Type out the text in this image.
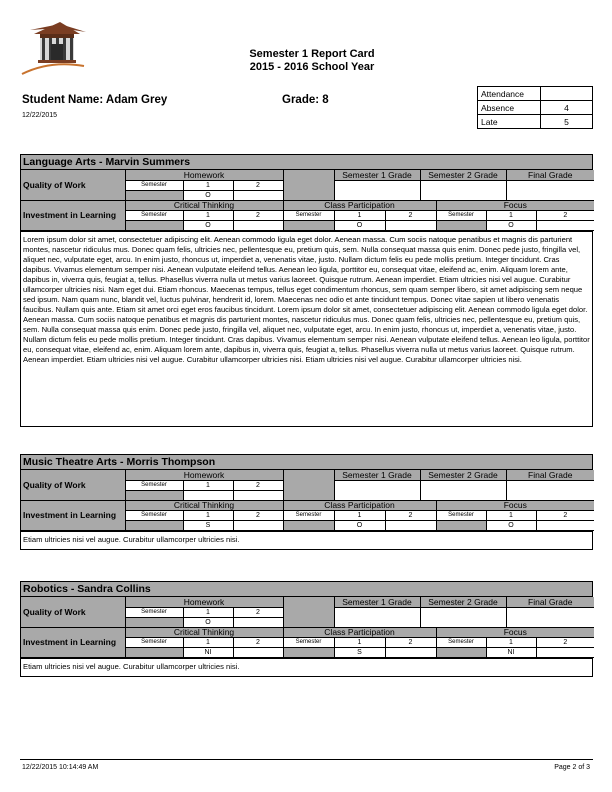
Semester 1 Report Card
2015 - 2016 School Year
Student Name: Adam Grey	Grade: 8
12/22/2015
Attendance	
Absence	4
Late	5
Language Arts - Marvin Summers
Quality of Work	Homework				Semester 1 Grade	Semester 2 Grade	Final Grade
	Semester	1	2				
		O					
Investment in Learning	Critical Thinking			Class Participation			Focus		
	Semester	1	2	Semester	1	2	Semester	1	2
		O			O			O	
Lorem ipsum dolor sit amet, consectetuer adipiscing elit. Aenean commodo ligula eget dolor. Aenean massa. Cum sociis natoque penatibus et magnis dis parturient montes, nascetur ridiculus mus. Donec quam felis, ultricies nec, pellentesque eu, pretium quis, sem. Nulla consequat massa quis enim. Donec pede justo, fringilla vel, aliquet nec, vulputate eget, arcu. In enim justo, rhoncus ut, imperdiet a, venenatis vitae, justo. Nullam dictum felis eu pede mollis pretium. Integer tincidunt. Cras dapibus. Vivamus elementum semper nisi. Aenean vulputate eleifend tellus. Aenean leo ligula, porttitor eu, consequat vitae, eleifend ac, enim. Aliquam lorem ante, dapibus in, viverra quis, feugiat a, tellus. Phasellus viverra nulla ut metus varius laoreet. Quisque rutrum. Aenean imperdiet. Etiam ultricies nisi vel augue. Curabitur ullamcorper ultricies nisi. Nam eget dui. Etiam rhoncus. Maecenas tempus, tellus eget condimentum rhoncus, sem quam semper libero, sit amet adipiscing sem neque sed ipsum. Nam quam nunc, blandit vel, luctus pulvinar, hendrerit id, lorem. Maecenas nec odio et ante tincidunt tempus. Donec vitae sapien ut libero venenatis faucibus. Nullam quis ante. Etiam sit amet orci eget eros faucibus tincidunt. Lorem ipsum dolor sit amet, consectetuer adipiscing elit. Aenean commodo ligula eget dolor. Aenean massa. Cum sociis natoque penatibus et magnis dis parturient montes, nascetur ridiculus mus. Donec quam felis, ultricies nec, pellentesque eu, pretium quis, sem. Nulla consequat massa quis enim. Donec pede justo, fringilla vel, aliquet nec, vulputate eget, arcu. In enim justo, rhoncus ut, imperdiet a, venenatis vitae, justo. Nullam dictum felis eu pede mollis pretium. Integer tincidunt. Cras dapibus. Vivamus elementum semper nisi. Aenean vulputate eleifend tellus. Aenean leo ligula, porttitor eu, consequat vitae, eleifend ac, enim. Aliquam lorem ante, dapibus in, viverra quis, feugiat a, tellus. Phasellus viverra nulla ut metus varius laoreet. Quisque rutrum. Aenean imperdiet. Etiam ultricies nisi vel augue. Curabitur ullamcorper ultricies nisi. Etiam ultricies nisi vel augue. Curabitur ullamcorper ultricies nisi.
Music Theatre Arts - Morris Thompson
Quality of Work	Homework				Semester 1 Grade	Semester 2 Grade	Final Grade
	Semester	1	2				

Investment in Learning	Critical Thinking			Class Participation			Focus		
	Semester	1	2	Semester	1	2	Semester	1	2
		S			O			O	
Etiam ultricies nisi vel augue. Curabitur ullamcorper ultricies nisi.
Robotics - Sandra Collins
Quality of Work	Homework				Semester 1 Grade	Semester 2 Grade	Final Grade
	Semester	1	2				
		O					
Investment in Learning	Critical Thinking			Class Participation			Focus		
	Semester	1	2	Semester	1	2	Semester	1	2
		NI			S			NI	
Etiam ultricies nisi vel augue. Curabitur ullamcorper ultricies nisi.
12/22/2015 10:14:49 AM	Page 2 of 3
